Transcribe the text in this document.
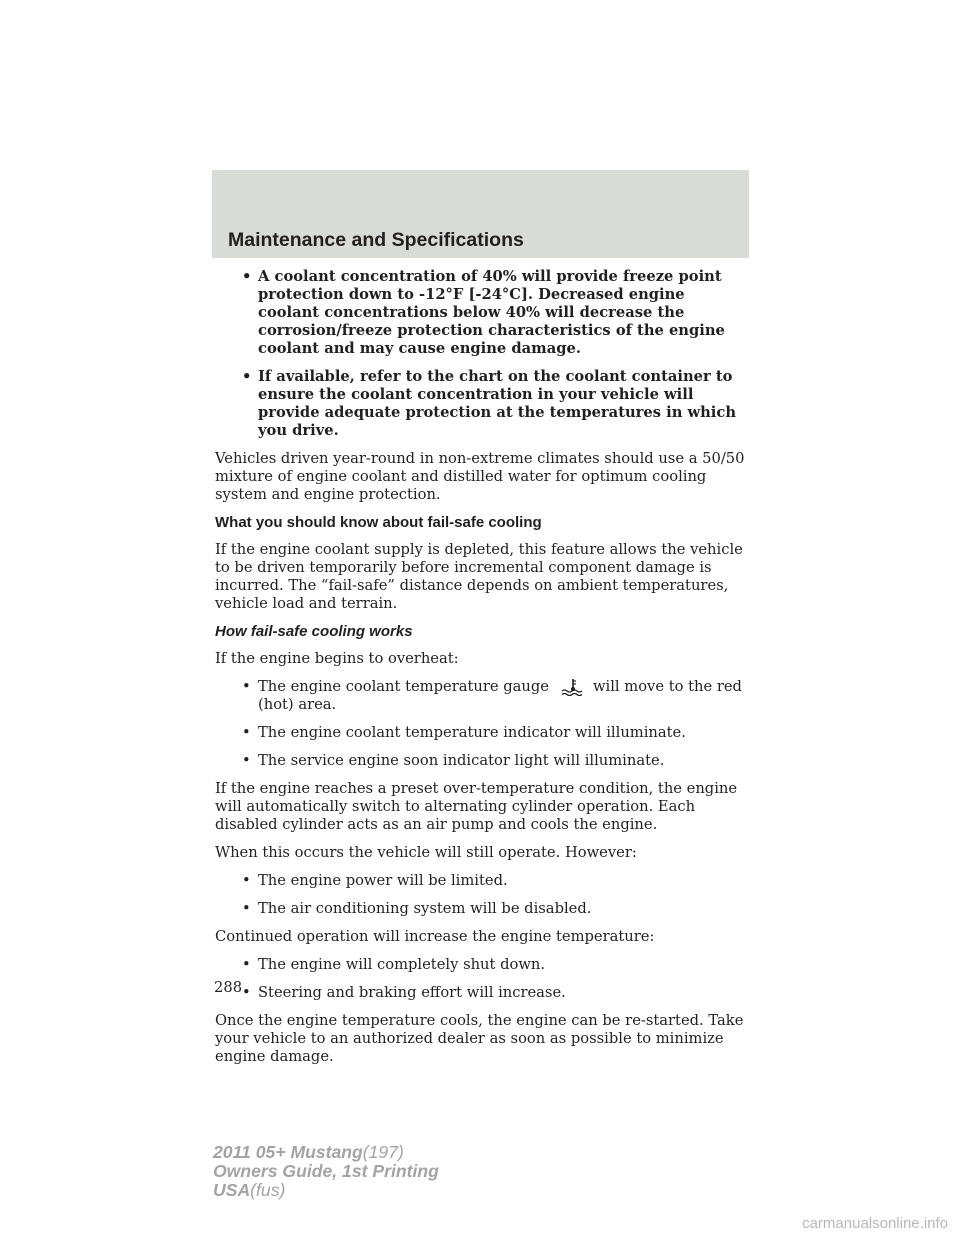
Maintenance and Specifications
• A coolant concentration of 40% will provide freeze point protection down to -12°F [-24°C]. Decreased engine coolant concentrations below 40% will decrease the corrosion/freeze protection characteristics of the engine coolant and may cause engine damage.
• If available, refer to the chart on the coolant container to ensure the coolant concentration in your vehicle will provide adequate protection at the temperatures in which you drive.

Vehicles driven year-round in non-extreme climates should use a 50/50 mixture of engine coolant and distilled water for optimum cooling system and engine protection.

What you should know about fail-safe cooling

If the engine coolant supply is depleted, this feature allows the vehicle to be driven temporarily before incremental component damage is incurred. The “fail-safe” distance depends on ambient temperatures, vehicle load and terrain.

How fail-safe cooling works

If the engine begins to overheat:

• The engine coolant temperature gauge	will move to the red (hot) area.
• The engine coolant temperature indicator will illuminate.
• The service engine soon indicator light will illuminate.

If the engine reaches a preset over-temperature condition, the engine will automatically switch to alternating cylinder operation. Each disabled cylinder acts as an air pump and cools the engine.

When this occurs the vehicle will still operate. However:

• The engine power will be limited.
• The air conditioning system will be disabled.

Continued operation will increase the engine temperature:

• The engine will completely shut down.
• Steering and braking effort will increase.

Once the engine temperature cools, the engine can be re-started. Take your vehicle to an authorized dealer as soon as possible to minimize engine damage.

288
2011 05+ Mustang(197)
Owners Guide, 1st Printing
USA(fus)
carmanualsonline.info
